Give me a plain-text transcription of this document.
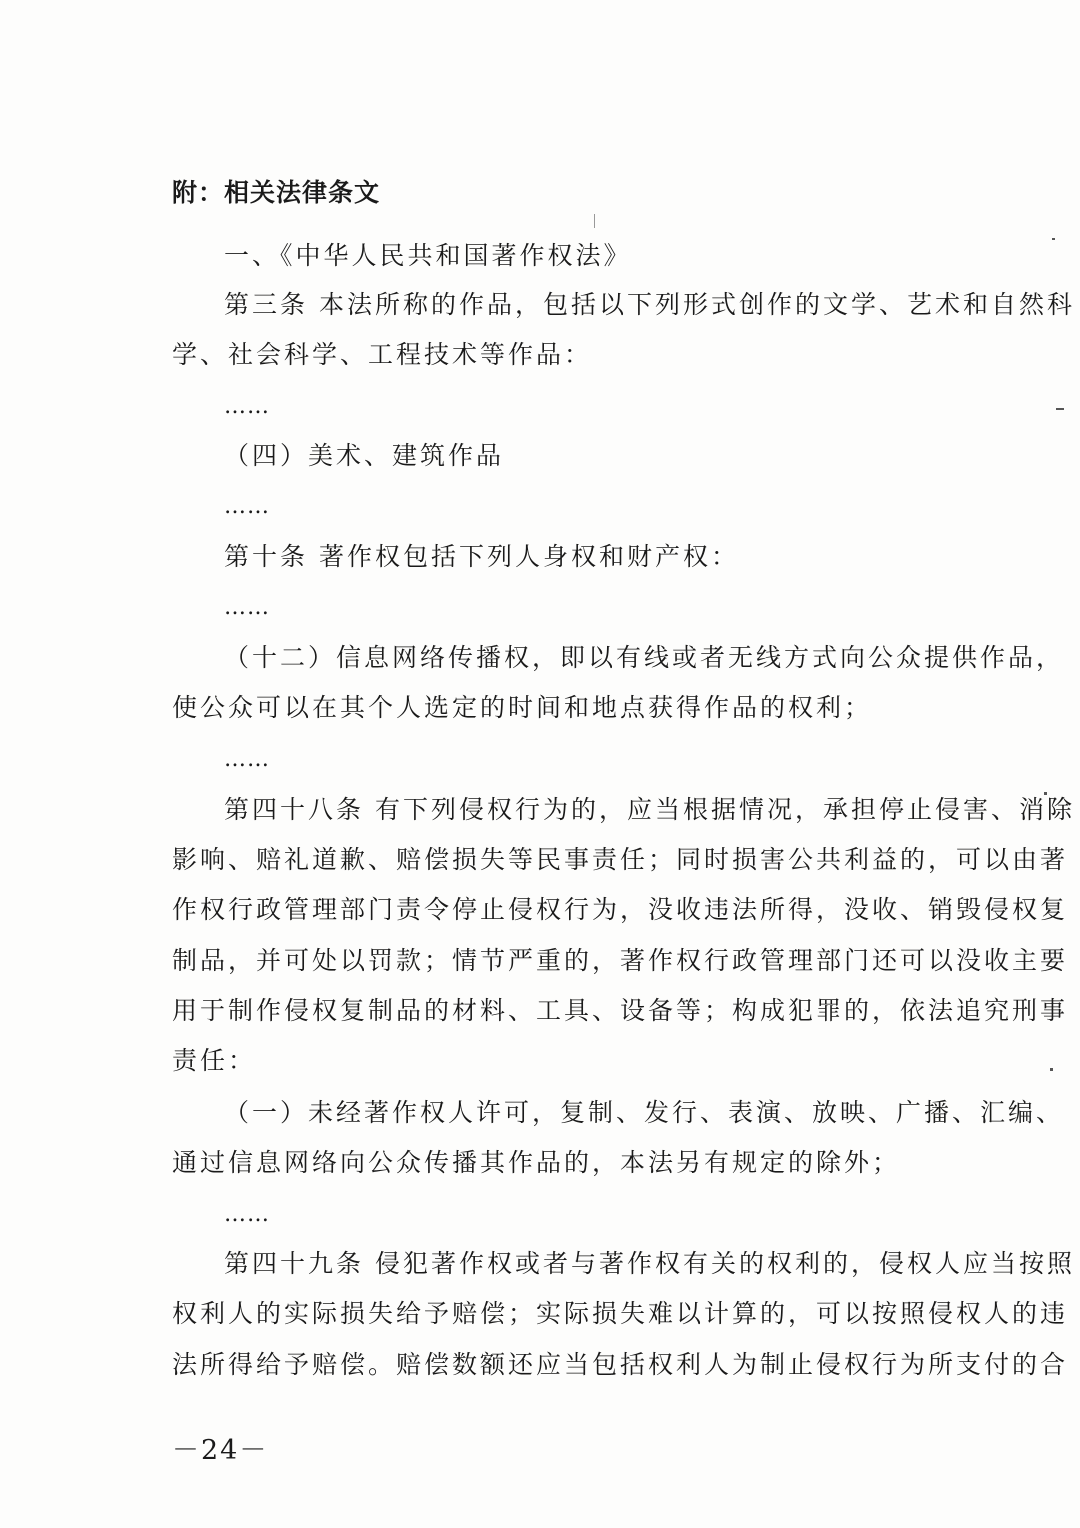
附：相关法律条文
一、《中华人民共和国著作权法》
第三条 本法所称的作品，包括以下列形式创作的文学、艺术和自然科
学、社会科学、工程技术等作品：
……
（四）美术、建筑作品
……
第十条 著作权包括下列人身权和财产权：
……
（十二）信息网络传播权，即以有线或者无线方式向公众提供作品，
使公众可以在其个人选定的时间和地点获得作品的权利；
……
第四十八条 有下列侵权行为的，应当根据情况，承担停止侵害、消除
影响、赔礼道歉、赔偿损失等民事责任；同时损害公共利益的，可以由著
作权行政管理部门责令停止侵权行为，没收违法所得，没收、销毁侵权复
制品，并可处以罚款；情节严重的，著作权行政管理部门还可以没收主要
用于制作侵权复制品的材料、工具、设备等；构成犯罪的，依法追究刑事
责任：
（一）未经著作权人许可，复制、发行、表演、放映、广播、汇编、
通过信息网络向公众传播其作品的，本法另有规定的除外；
……
第四十九条 侵犯著作权或者与著作权有关的权利的，侵权人应当按照
权利人的实际损失给予赔偿；实际损失难以计算的，可以按照侵权人的违
法所得给予赔偿。赔偿数额还应当包括权利人为制止侵权行为所支付的合
－24－
